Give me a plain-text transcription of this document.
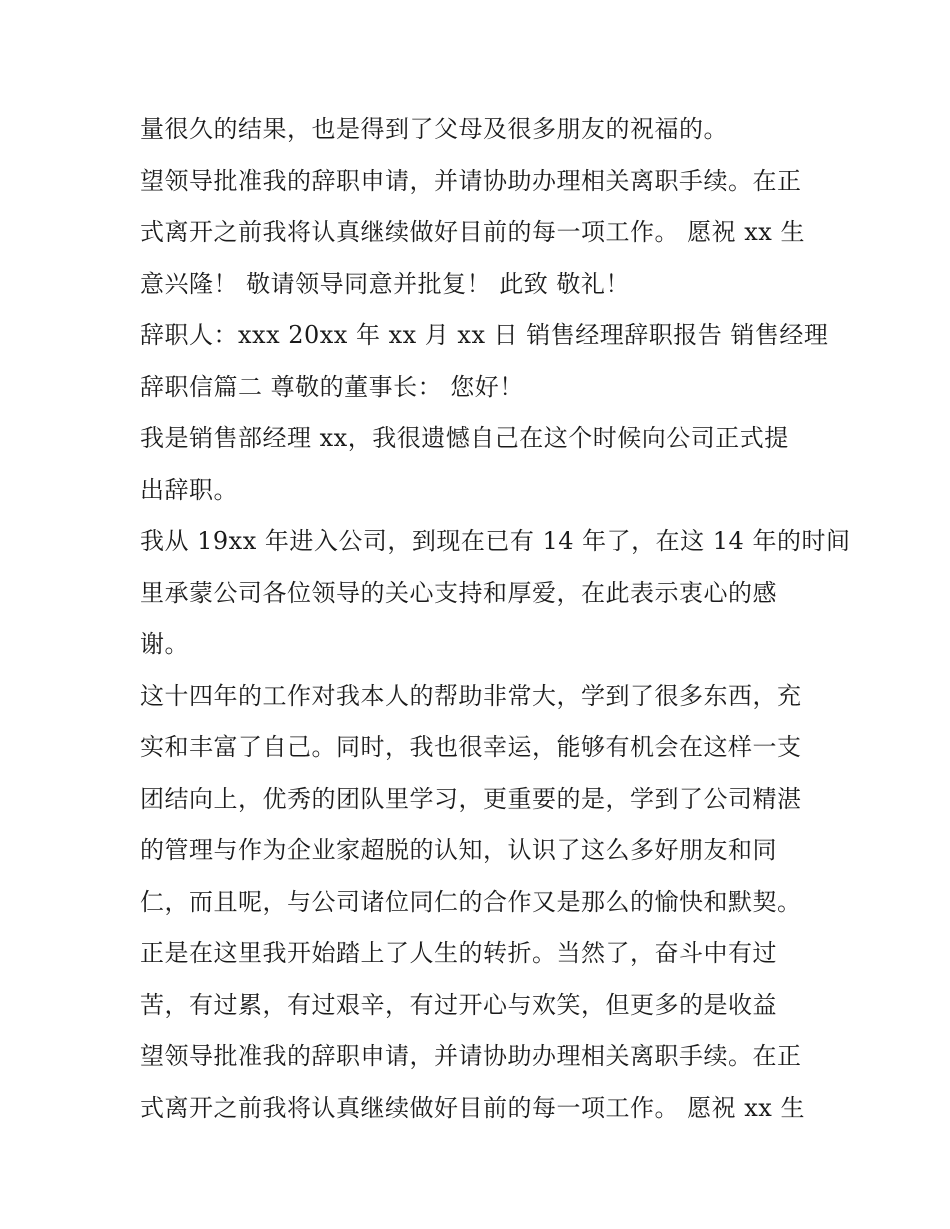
量很久的结果，也是得到了父母及很多朋友的祝福的。
望领导批准我的辞职申请，并请协助办理相关离职手续。在正
式离开之前我将认真继续做好目前的每一项工作。 愿祝 xx 生
意兴隆！ 敬请领导同意并批复！ 此致 敬礼！
辞职人：xxx 20xx 年 xx 月 xx 日 销售经理辞职报告 销售经理
辞职信篇二 尊敬的董事长： 您好！
我是销售部经理 xx，我很遗憾自己在这个时候向公司正式提
出辞职。
我从 19xx 年进入公司，到现在已有 14 年了，在这 14 年的时间
里承蒙公司各位领导的关心支持和厚爱，在此表示衷心的感
谢。
这十四年的工作对我本人的帮助非常大，学到了很多东西，充
实和丰富了自己。同时，我也很幸运，能够有机会在这样一支
团结向上，优秀的团队里学习，更重要的是，学到了公司精湛
的管理与作为企业家超脱的认知，认识了这么多好朋友和同
仁，而且呢，与公司诸位同仁的合作又是那么的愉快和默契。
正是在这里我开始踏上了人生的转折。当然了，奋斗中有过
苦，有过累，有过艰辛，有过开心与欢笑，但更多的是收益
望领导批准我的辞职申请，并请协助办理相关离职手续。在正
式离开之前我将认真继续做好目前的每一项工作。 愿祝 xx 生
